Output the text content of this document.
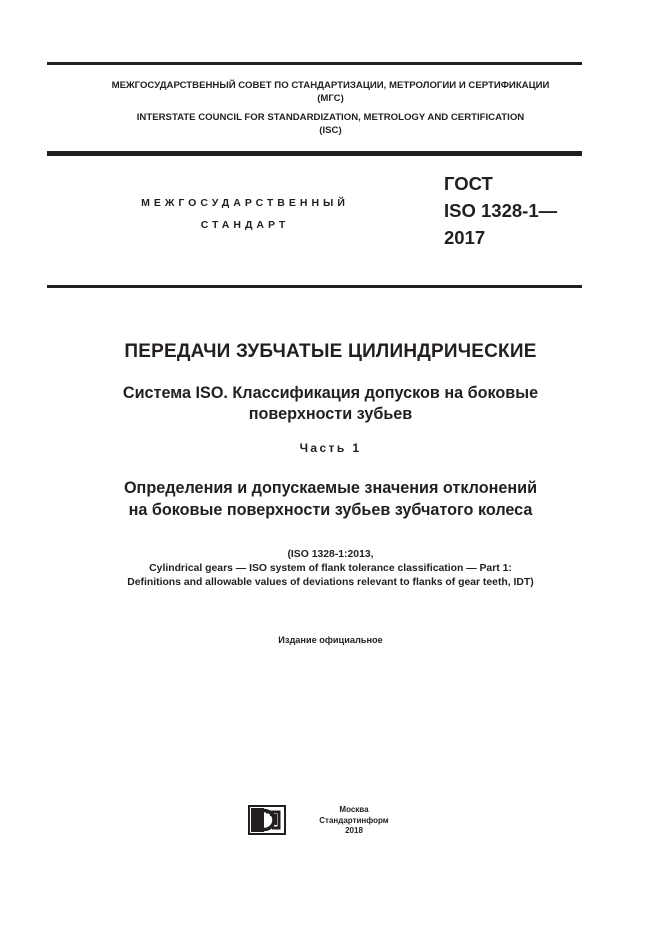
МЕЖГОСУДАРСТВЕННЫЙ СОВЕТ ПО СТАНДАРТИЗАЦИИ, МЕТРОЛОГИИ И СЕРТИФИКАЦИИ
(МГС)
INTERSTATE COUNCIL FOR STANDARDIZATION, METROLOGY AND CERTIFICATION
(ISC)
МЕЖГОСУДАРСТВЕННЫЙ
СТАНДАРТ
ГОСТ
ISO 1328-1—
2017
ПЕРЕДАЧИ ЗУБЧАТЫЕ ЦИЛИНДРИЧЕСКИЕ
Система ISO. Классификация допусков на боковые
поверхности зубьев
Часть 1
Определения и допускаемые значения отклонений
на боковые поверхности зубьев зубчатого колеса
(ISO 1328-1:2013,
Cylindrical gears — ISO system of flank tolerance classification — Part 1:
Definitions and allowable values of deviations relevant to flanks of gear teeth, IDT)
Издание официальное
Москва
Стандартинформ
2018
